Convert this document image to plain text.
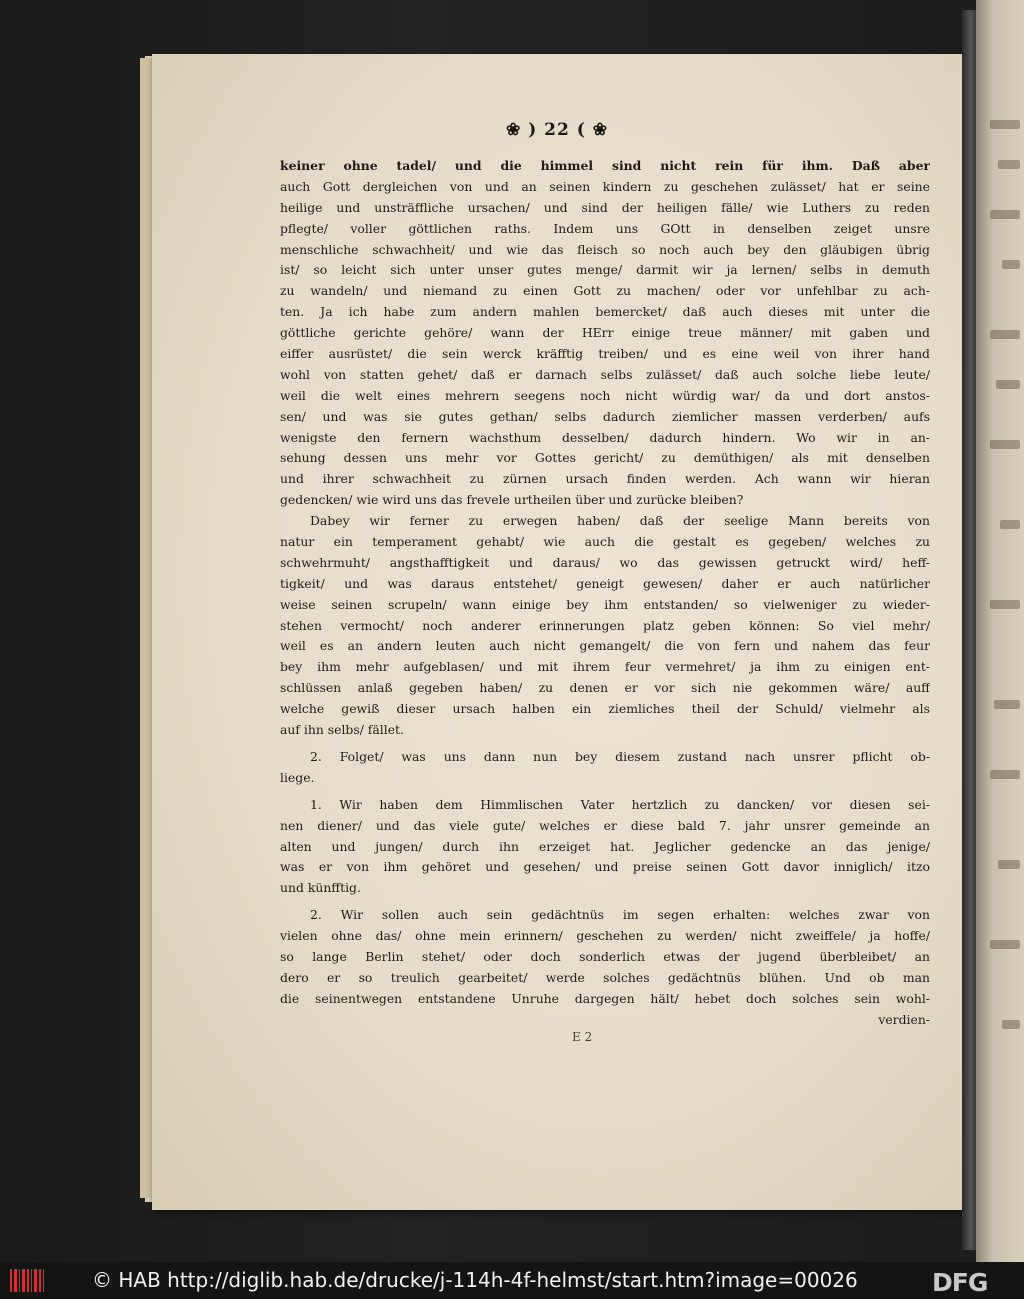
❀ ) 22 ( ❀
keiner ohne tadel/ und die himmel sind nicht rein für ihm. Daß aber
auch Gott dergleichen von und an seinen kindern zu geschehen zulässet/ hat er seine
heilige und unsträffliche ursachen/ und sind der heiligen fälle/ wie Luthers zu reden
pflegte/ voller göttlichen raths. Indem uns GOtt in denselben zeiget unsre
menschliche schwachheit/ und wie das fleisch so noch auch bey den gläubigen übrig
ist/ so leicht sich unter unser gutes menge/ darmit wir ja lernen/ selbs in demuth
zu wandeln/ und niemand zu einen Gott zu machen/ oder vor unfehlbar zu ach-
ten. Ja ich habe zum andern mahlen bemercket/ daß auch dieses mit unter die
göttliche gerichte gehöre/ wann der HErr einige treue männer/ mit gaben und
eiffer ausrüstet/ die sein werck kräfftig treiben/ und es eine weil von ihrer hand
wohl von statten gehet/ daß er darnach selbs zulässet/ daß auch solche liebe leute/
weil die welt eines mehrern seegens noch nicht würdig war/ da und dort anstos-
sen/ und was sie gutes gethan/ selbs dadurch ziemlicher massen verderben/ aufs
wenigste den fernern wachsthum desselben/ dadurch hindern. Wo wir in an-
sehung dessen uns mehr vor Gottes gericht/ zu demüthigen/ als mit denselben
und ihrer schwachheit zu zürnen ursach finden werden. Ach wann wir hieran
gedencken/ wie wird uns das frevele urtheilen über und zurücke bleiben?
Dabey wir ferner zu erwegen haben/ daß der seelige Mann bereits von
natur ein temperament gehabt/ wie auch die gestalt es gegeben/ welches zu
schwehrmuht/ angsthafftigkeit und daraus/ wo das gewissen getruckt wird/ heff-
tigkeit/ und was daraus entstehet/ geneigt gewesen/ daher er auch natürlicher
weise seinen scrupeln/ wann einige bey ihm entstanden/ so vielweniger zu wieder-
stehen vermocht/ noch anderer erinnerungen platz geben können: So viel mehr/
weil es an andern leuten auch nicht gemangelt/ die von fern und nahem das feur
bey ihm mehr aufgeblasen/ und mit ihrem feur vermehret/ ja ihm zu einigen ent-
schlüssen anlaß gegeben haben/ zu denen er vor sich nie gekommen wäre/ auff
welche gewiß dieser ursach halben ein ziemliches theil der Schuld/ vielmehr als
auf ihn selbs/ fället.
2. Folget/ was uns dann nun bey diesem zustand nach unsrer pflicht ob-
liege.
1. Wir haben dem Himmlischen Vater hertzlich zu dancken/ vor diesen sei-
nen diener/ und das viele gute/ welches er diese bald 7. jahr unsrer gemeinde an
alten und jungen/ durch ihn erzeiget hat. Jeglicher gedencke an das jenige/
was er von ihm gehöret und gesehen/ und preise seinen Gott davor inniglich/ itzo
und künfftig.
2. Wir sollen auch sein gedächtnüs im segen erhalten: welches zwar von
vielen ohne das/ ohne mein erinnern/ geschehen zu werden/ nicht zweiffele/ ja hoffe/
so lange Berlin stehet/ oder doch sonderlich etwas der jugend überbleibet/ an
dero er so treulich gearbeitet/ werde solches gedächtnüs blühen. Und ob man
die seinentwegen entstandene Unruhe dargegen hält/ hebet doch solches sein wohl-
verdien-
E 2
© HAB http://diglib.hab.de/drucke/j-114h-4f-helmst/start.htm?image=00026	DFG
